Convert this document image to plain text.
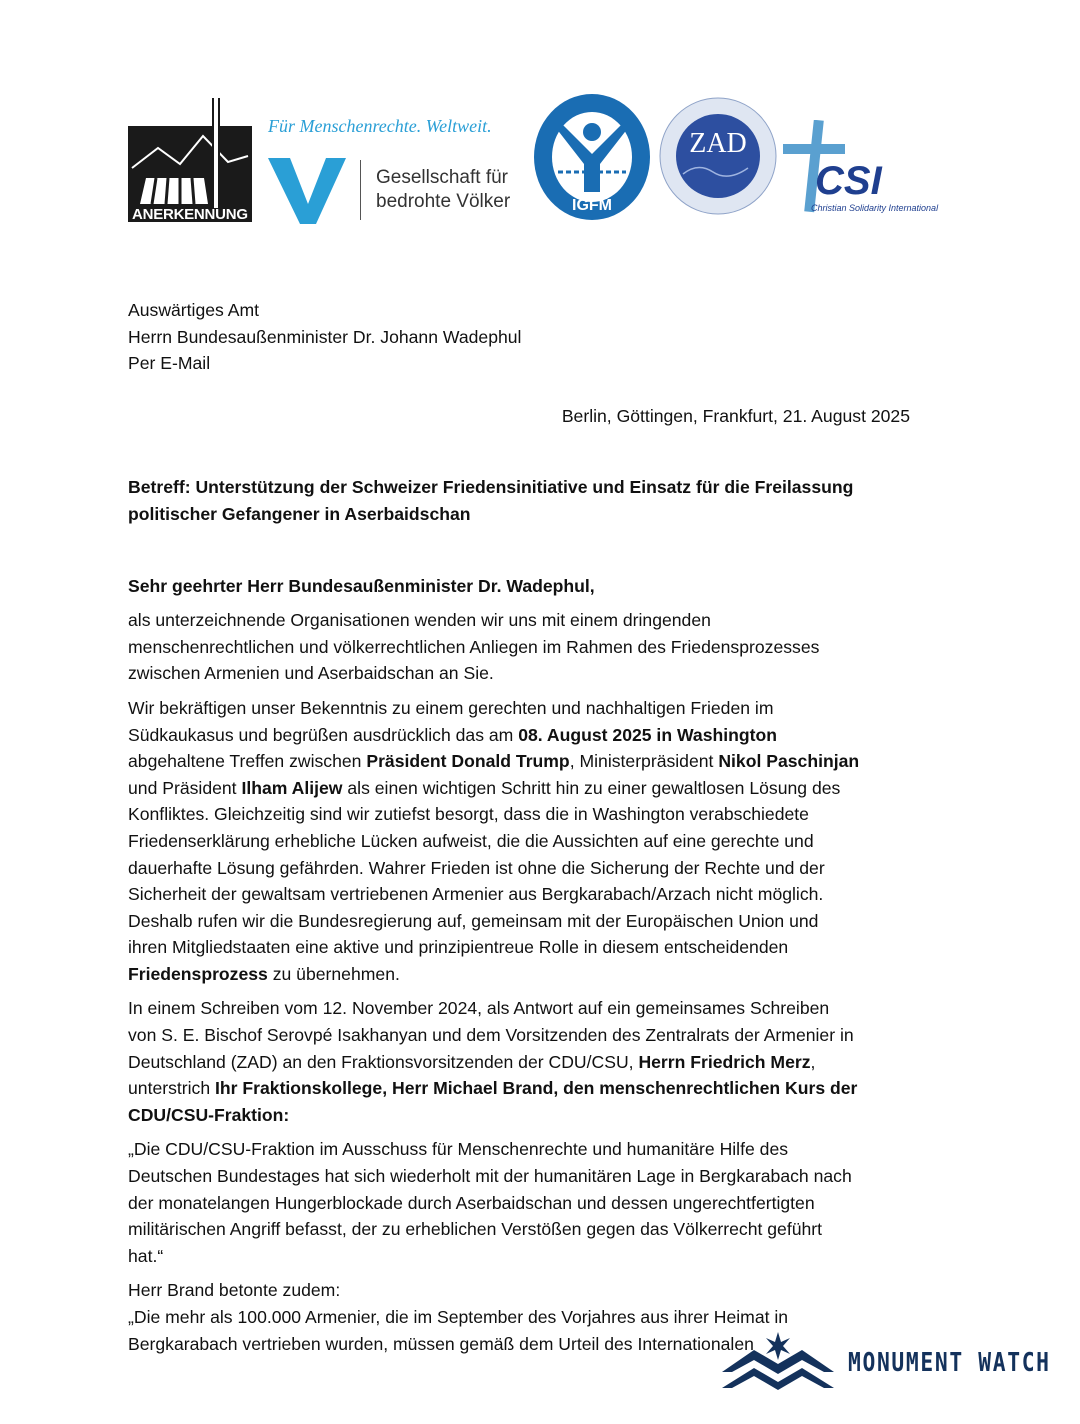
ANERKENNUNG
Für Menschenrechte. Weltweit.
Gesellschaft für
bedrohte Völker	IGFM
ZAD
CSI
Christian Solidarity International
Auswärtiges Amt
Herrn Bundesaußenminister Dr. Johann Wadephul
Per E-Mail
Berlin, Göttingen, Frankfurt, 21. August 2025
Betreff: Unterstützung der Schweizer Friedensinitiative und Einsatz für die Freilassung
politischer Gefangener in Aserbaidschan
Sehr geehrter Herr Bundesaußenminister Dr. Wadephul,
als unterzeichnende Organisationen wenden wir uns mit einem dringenden
menschenrechtlichen und völkerrechtlichen Anliegen im Rahmen des Friedensprozesses
zwischen Armenien und Aserbaidschan an Sie.
Wir bekräftigen unser Bekenntnis zu einem gerechten und nachhaltigen Frieden im
Südkaukasus und begrüßen ausdrücklich das am 08. August 2025 in Washington
abgehaltene Treffen zwischen Präsident Donald Trump, Ministerpräsident Nikol Paschinjan
und Präsident Ilham Alijew als einen wichtigen Schritt hin zu einer gewaltlosen Lösung des
Konfliktes. Gleichzeitig sind wir zutiefst besorgt, dass die in Washington verabschiedete
Friedenserklärung erhebliche Lücken aufweist, die die Aussichten auf eine gerechte und
dauerhafte Lösung gefährden. Wahrer Frieden ist ohne die Sicherung der Rechte und der
Sicherheit der gewaltsam vertriebenen Armenier aus Bergkarabach/Arzach nicht möglich.
Deshalb rufen wir die Bundesregierung auf, gemeinsam mit der Europäischen Union und
ihren Mitgliedstaaten eine aktive und prinzipientreue Rolle in diesem entscheidenden
Friedensprozess zu übernehmen.
In einem Schreiben vom 12. November 2024, als Antwort auf ein gemeinsames Schreiben
von S. E. Bischof Serovpé Isakhanyan und dem Vorsitzenden des Zentralrats der Armenier in
Deutschland (ZAD) an den Fraktionsvorsitzenden der CDU/CSU, Herrn Friedrich Merz,
unterstrich Ihr Fraktionskollege, Herr Michael Brand, den menschenrechtlichen Kurs der
CDU/CSU-Fraktion:
„Die CDU/CSU-Fraktion im Ausschuss für Menschenrechte und humanitäre Hilfe des
Deutschen Bundestages hat sich wiederholt mit der humanitären Lage in Bergkarabach nach
der monatelangen Hungerblockade durch Aserbaidschan und dessen ungerechtfertigten
militärischen Angriff befasst, der zu erheblichen Verstößen gegen das Völkerrecht geführt
hat.“
Herr Brand betonte zudem:
„Die mehr als 100.000 Armenier, die im September des Vorjahres aus ihrer Heimat in
Bergkarabach vertrieben wurden, müssen gemäß dem Urteil des Internationalen
MONUMENT WATCH
